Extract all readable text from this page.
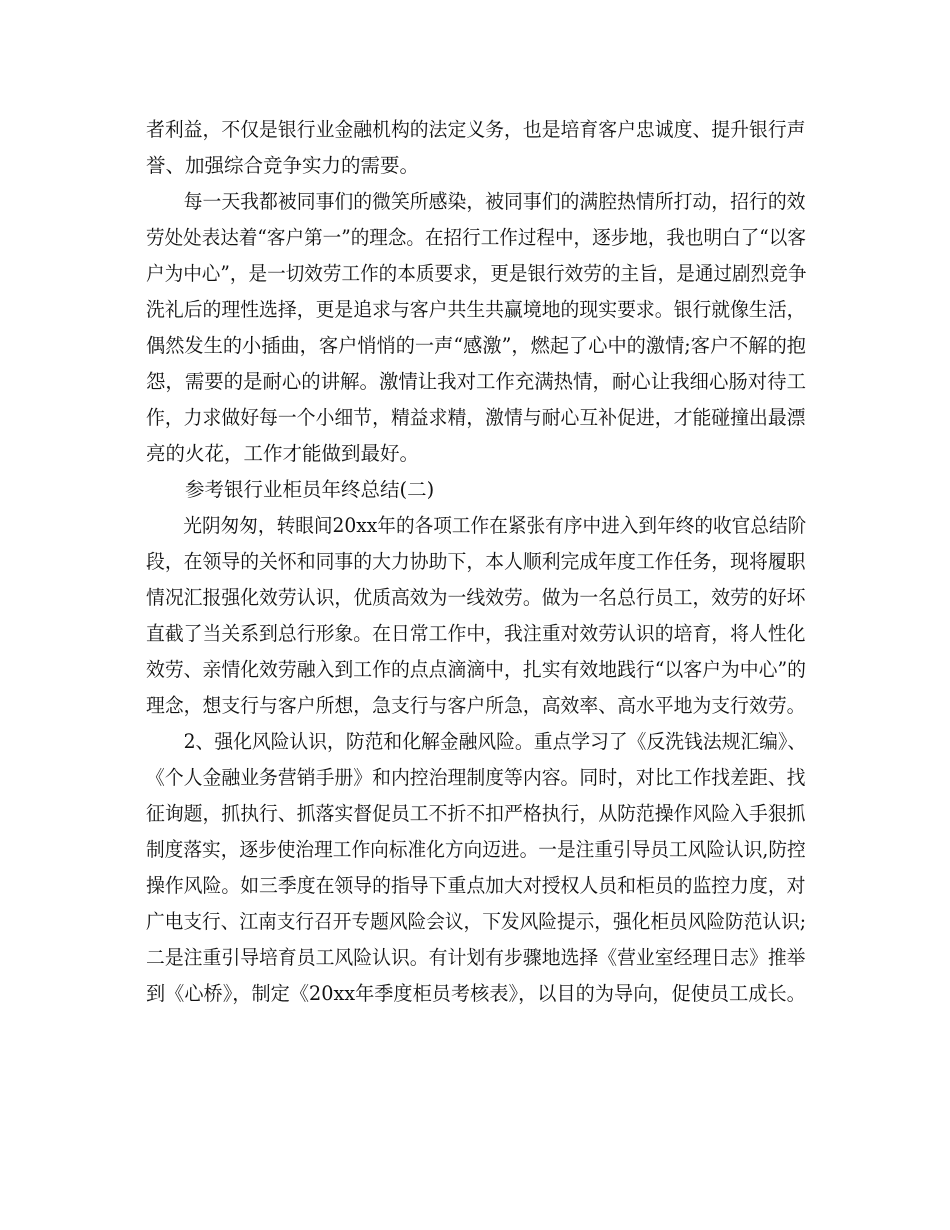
者利益，不仅是银行业金融机构的法定义务，也是培育客户忠诚度、提升银行声
誉、加强综合竞争实力的需要。
　　每一天我都被同事们的微笑所感染，被同事们的满腔热情所打动，招行的效
劳处处表达着“客户第一”的理念。在招行工作过程中，逐步地，我也明白了“以客
户为中心”，是一切效劳工作的本质要求，更是银行效劳的主旨，是通过剧烈竞争
洗礼后的理性选择，更是追求与客户共生共赢境地的现实要求。银行就像生活，
偶然发生的小插曲，客户悄悄的一声“感激”，燃起了心中的激情;客户不解的抱
怨，需要的是耐心的讲解。激情让我对工作充满热情，耐心让我细心肠对待工
作，力求做好每一个小细节，精益求精，激情与耐心互补促进，才能碰撞出最漂
亮的火花，工作才能做到最好。
　　参考银行业柜员年终总结(二)
　　光阴匆匆，转眼间20xx年的各项工作在紧张有序中进入到年终的收官总结阶
段，在领导的关怀和同事的大力协助下，本人顺利完成年度工作任务，现将履职
情况汇报强化效劳认识，优质高效为一线效劳。做为一名总行员工，效劳的好坏
直截了当关系到总行形象。在日常工作中，我注重对效劳认识的培育，将人性化
效劳、亲情化效劳融入到工作的点点滴滴中，扎实有效地践行“以客户为中心”的
理念，想支行与客户所想，急支行与客户所急，高效率、高水平地为支行效劳。
　　2、强化风险认识，防范和化解金融风险。重点学习了《反洗钱法规汇编》、
《个人金融业务营销手册》和内控治理制度等内容。同时，对比工作找差距、找
征询题，抓执行、抓落实督促员工不折不扣严格执行，从防范操作风险入手狠抓
制度落实，逐步使治理工作向标准化方向迈进。一是注重引导员工风险认识,防控
操作风险。如三季度在领导的指导下重点加大对授权人员和柜员的监控力度，对
广电支行、江南支行召开专题风险会议，下发风险提示，强化柜员风险防范认识;
二是注重引导培育员工风险认识。有计划有步骤地选择《营业室经理日志》推举
到《心桥》，制定《20xx年季度柜员考核表》，以目的为导向，促使员工成长。
